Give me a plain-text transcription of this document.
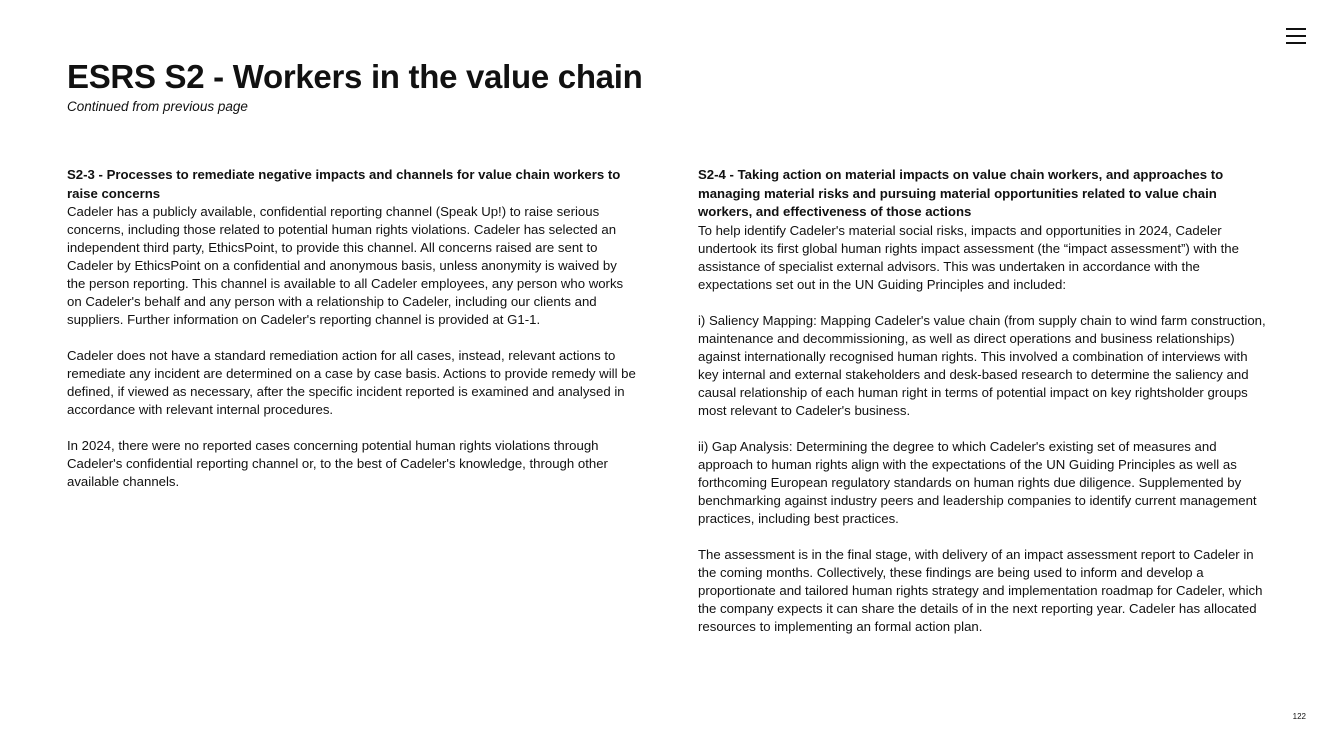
ESRS S2 - Workers in the value chain

Continued from previous page

S2-3 - Processes to remediate negative impacts and channels for value chain workers to raise concerns

Cadeler has a publicly available, confidential reporting channel (Speak Up!) to raise serious concerns, including those related to potential human rights violations. Cadeler has selected an independent third party, EthicsPoint, to provide this channel. All concerns raised are sent to Cadeler by EthicsPoint on a confidential and anonymous basis, unless anonymity is waived by the person reporting. This channel is available to all Cadeler employees, any person who works on Cadeler's behalf and any person with a relationship to Cadeler, including our clients and suppliers. Further information on Cadeler's reporting channel is provided at G1-1.

Cadeler does not have a standard remediation action for all cases, instead, relevant actions to remediate any incident are determined on a case by case basis. Actions to provide remedy will be defined, if viewed as necessary, after the specific incident reported is examined and analysed in accordance with relevant internal procedures.

In 2024, there were no reported cases concerning potential human rights violations through Cadeler's confidential reporting channel or, to the best of Cadeler's knowledge, through other available channels.

S2-4 - Taking action on material impacts on value chain workers, and approaches to managing material risks and pursuing material opportunities related to value chain workers, and effectiveness of those actions

To help identify Cadeler's material social risks, impacts and opportunities in 2024, Cadeler undertook its first global human rights impact assessment (the “impact assessment”) with the assistance of specialist external advisors. This was undertaken in accordance with the expectations set out in the UN Guiding Principles and included:

i) Saliency Mapping: Mapping Cadeler's value chain (from supply chain to wind farm construction, maintenance and decommissioning, as well as direct operations and business relationships) against internationally recognised human rights. This involved a combination of interviews with key internal and external stakeholders and desk-based research to determine the saliency and causal relationship of each human right in terms of potential impact on key rightsholder groups most relevant to Cadeler's business.

ii) Gap Analysis: Determining the degree to which Cadeler's existing set of measures and approach to human rights align with the expectations of the UN Guiding Principles as well as forthcoming European regulatory standards on human rights due diligence. Supplemented by benchmarking against industry peers and leadership companies to identify current management practices, including best practices.

The assessment is in the final stage, with delivery of an impact assessment report to Cadeler in the coming months. Collectively, these findings are being used to inform and develop a proportionate and tailored human rights strategy and implementation roadmap for Cadeler, which the company expects it can share the details of in the next reporting year. Cadeler has allocated resources to implementing an formal action plan.

122
